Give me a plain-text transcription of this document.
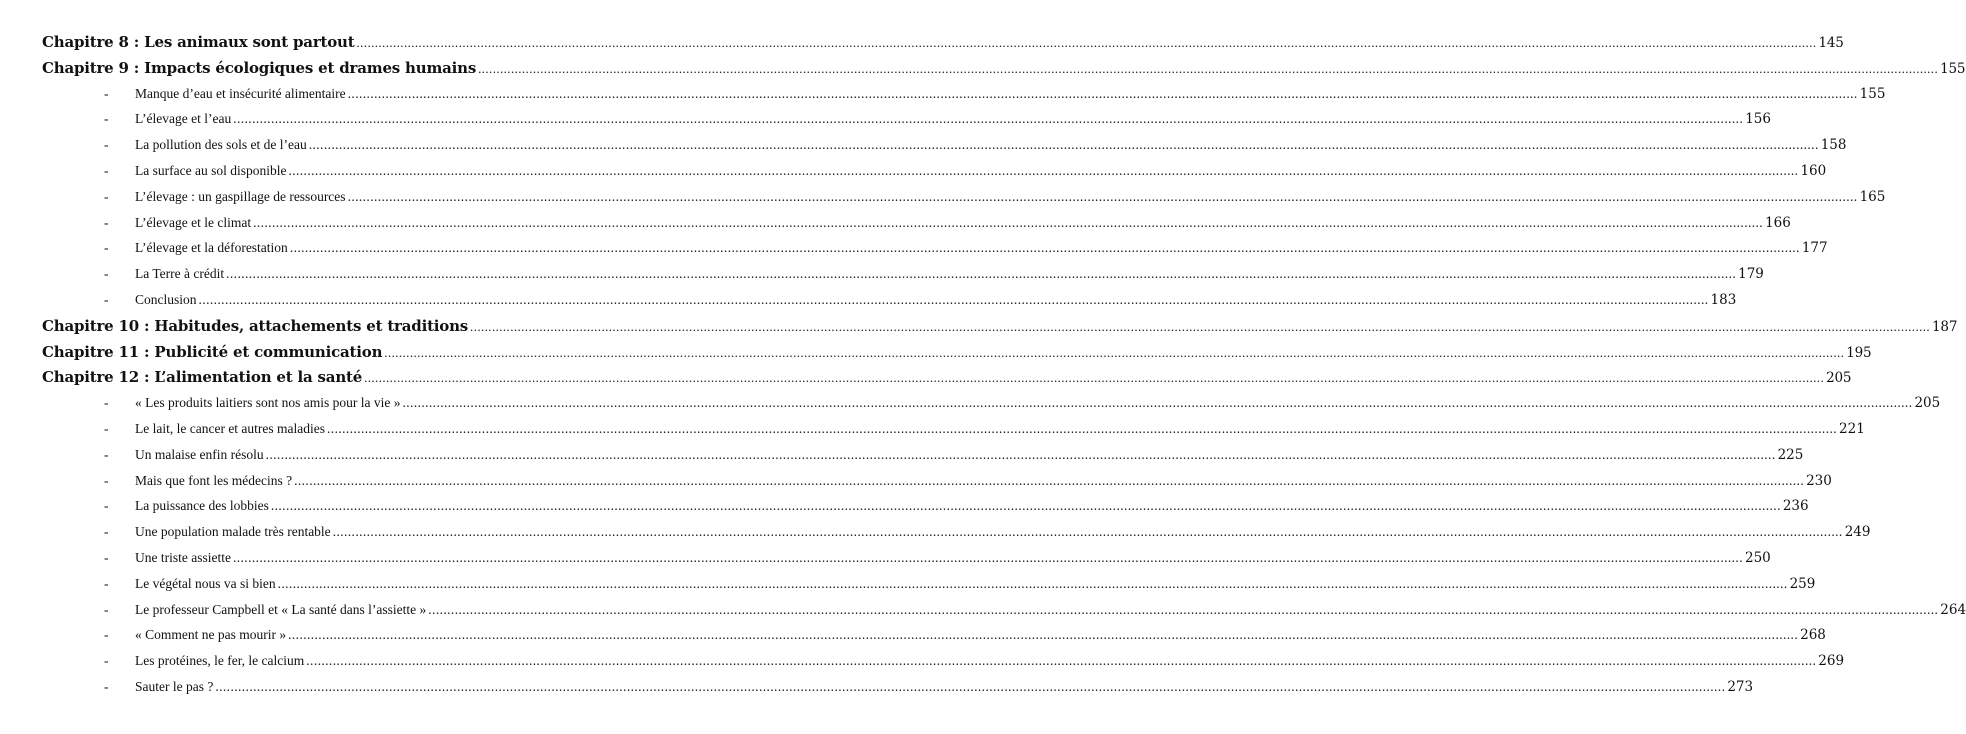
Chapitre 8 : Les animaux sont partout ................................................................................................................................................................................................................................................................................................................................................................................................................ 145
Chapitre 9 : Impacts écologiques et drames humains ................................................................................................................................................................................................................................................................................................................................................................................................................ 155
- Manque d’eau et insécurité alimentaire ................................................................................................................................................................................................................................................................................................................................................................................................................ 155
- L’élevage et l’eau ................................................................................................................................................................................................................................................................................................................................................................................................................ 156
- La pollution des sols et de l’eau ................................................................................................................................................................................................................................................................................................................................................................................................................ 158
- La surface au sol disponible ................................................................................................................................................................................................................................................................................................................................................................................................................ 160
- L’élevage : un gaspillage de ressources ................................................................................................................................................................................................................................................................................................................................................................................................................ 165
- L’élevage et le climat ................................................................................................................................................................................................................................................................................................................................................................................................................ 166
- L’élevage et la déforestation ................................................................................................................................................................................................................................................................................................................................................................................................................ 177
- La Terre à crédit ................................................................................................................................................................................................................................................................................................................................................................................................................ 179
- Conclusion ................................................................................................................................................................................................................................................................................................................................................................................................................ 183
Chapitre 10 : Habitudes, attachements et traditions ................................................................................................................................................................................................................................................................................................................................................................................................................ 187
Chapitre 11 : Publicité et communication ................................................................................................................................................................................................................................................................................................................................................................................................................ 195
Chapitre 12 : L’alimentation et la santé ................................................................................................................................................................................................................................................................................................................................................................................................................ 205
- « Les produits laitiers sont nos amis pour la vie » ................................................................................................................................................................................................................................................................................................................................................................................................................ 205
- Le lait, le cancer et autres maladies ................................................................................................................................................................................................................................................................................................................................................................................................................ 221
- Un malaise enfin résolu ................................................................................................................................................................................................................................................................................................................................................................................................................ 225
- Mais que font les médecins ? ................................................................................................................................................................................................................................................................................................................................................................................................................ 230
- La puissance des lobbies ................................................................................................................................................................................................................................................................................................................................................................................................................ 236
- Une population malade très rentable ................................................................................................................................................................................................................................................................................................................................................................................................................ 249
- Une triste assiette ................................................................................................................................................................................................................................................................................................................................................................................................................ 250
- Le végétal nous va si bien ................................................................................................................................................................................................................................................................................................................................................................................................................ 259
- Le professeur Campbell et « La santé dans l’assiette » ................................................................................................................................................................................................................................................................................................................................................................................................................ 264
- « Comment ne pas mourir » ................................................................................................................................................................................................................................................................................................................................................................................................................ 268
- Les protéines, le fer, le calcium ................................................................................................................................................................................................................................................................................................................................................................................................................ 269
- Sauter le pas ? ................................................................................................................................................................................................................................................................................................................................................................................................................ 273
